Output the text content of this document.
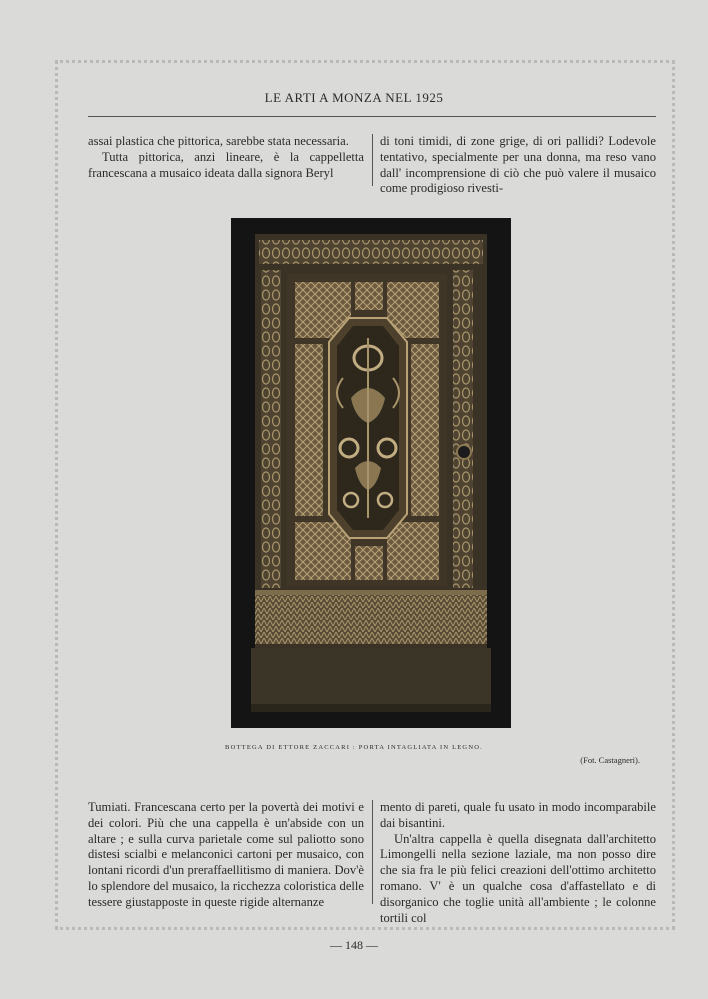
LE ARTI A MONZA NEL 1925

assai plastica che pittorica, sarebbe stata necessaria.

Tutta pittorica, anzi lineare, è la cappelletta francescana a musaico ideata dalla signora Beryl

di toni timidi, di zone grige, di ori pallidi? Lodevole tentativo, specialmente per una donna, ma reso vano dall' incomprensione di ciò che può valere il musaico come prodigioso rivesti-

BOTTEGA DI ETTORE ZACCARI : PORTA INTAGLIATA IN LEGNO.
(Fot. Castagneri).

Tumiati. Francescana certo per la povertà dei motivi e dei colori. Più che una cappella è un'abside con un altare ; e sulla curva parietale come sul paliotto sono distesi scialbi e melanconici cartoni per musaico, con lontani ricordi d'un preraffaellitismo di maniera. Dov'è lo splendore del musaico, la ricchezza coloristica delle tessere giustapposte in queste rigide alternanze

mento di pareti, quale fu usato in modo incomparabile dai bisantini.

Un'altra cappella è quella disegnata dall'architetto Limongelli nella sezione laziale, ma non posso dire che sia fra le più felici creazioni dell'ottimo architetto romano. V' è un qualche cosa d'affastellato e di disorganico che toglie unità all'ambiente ; le colonne tortili col

— 148 —
